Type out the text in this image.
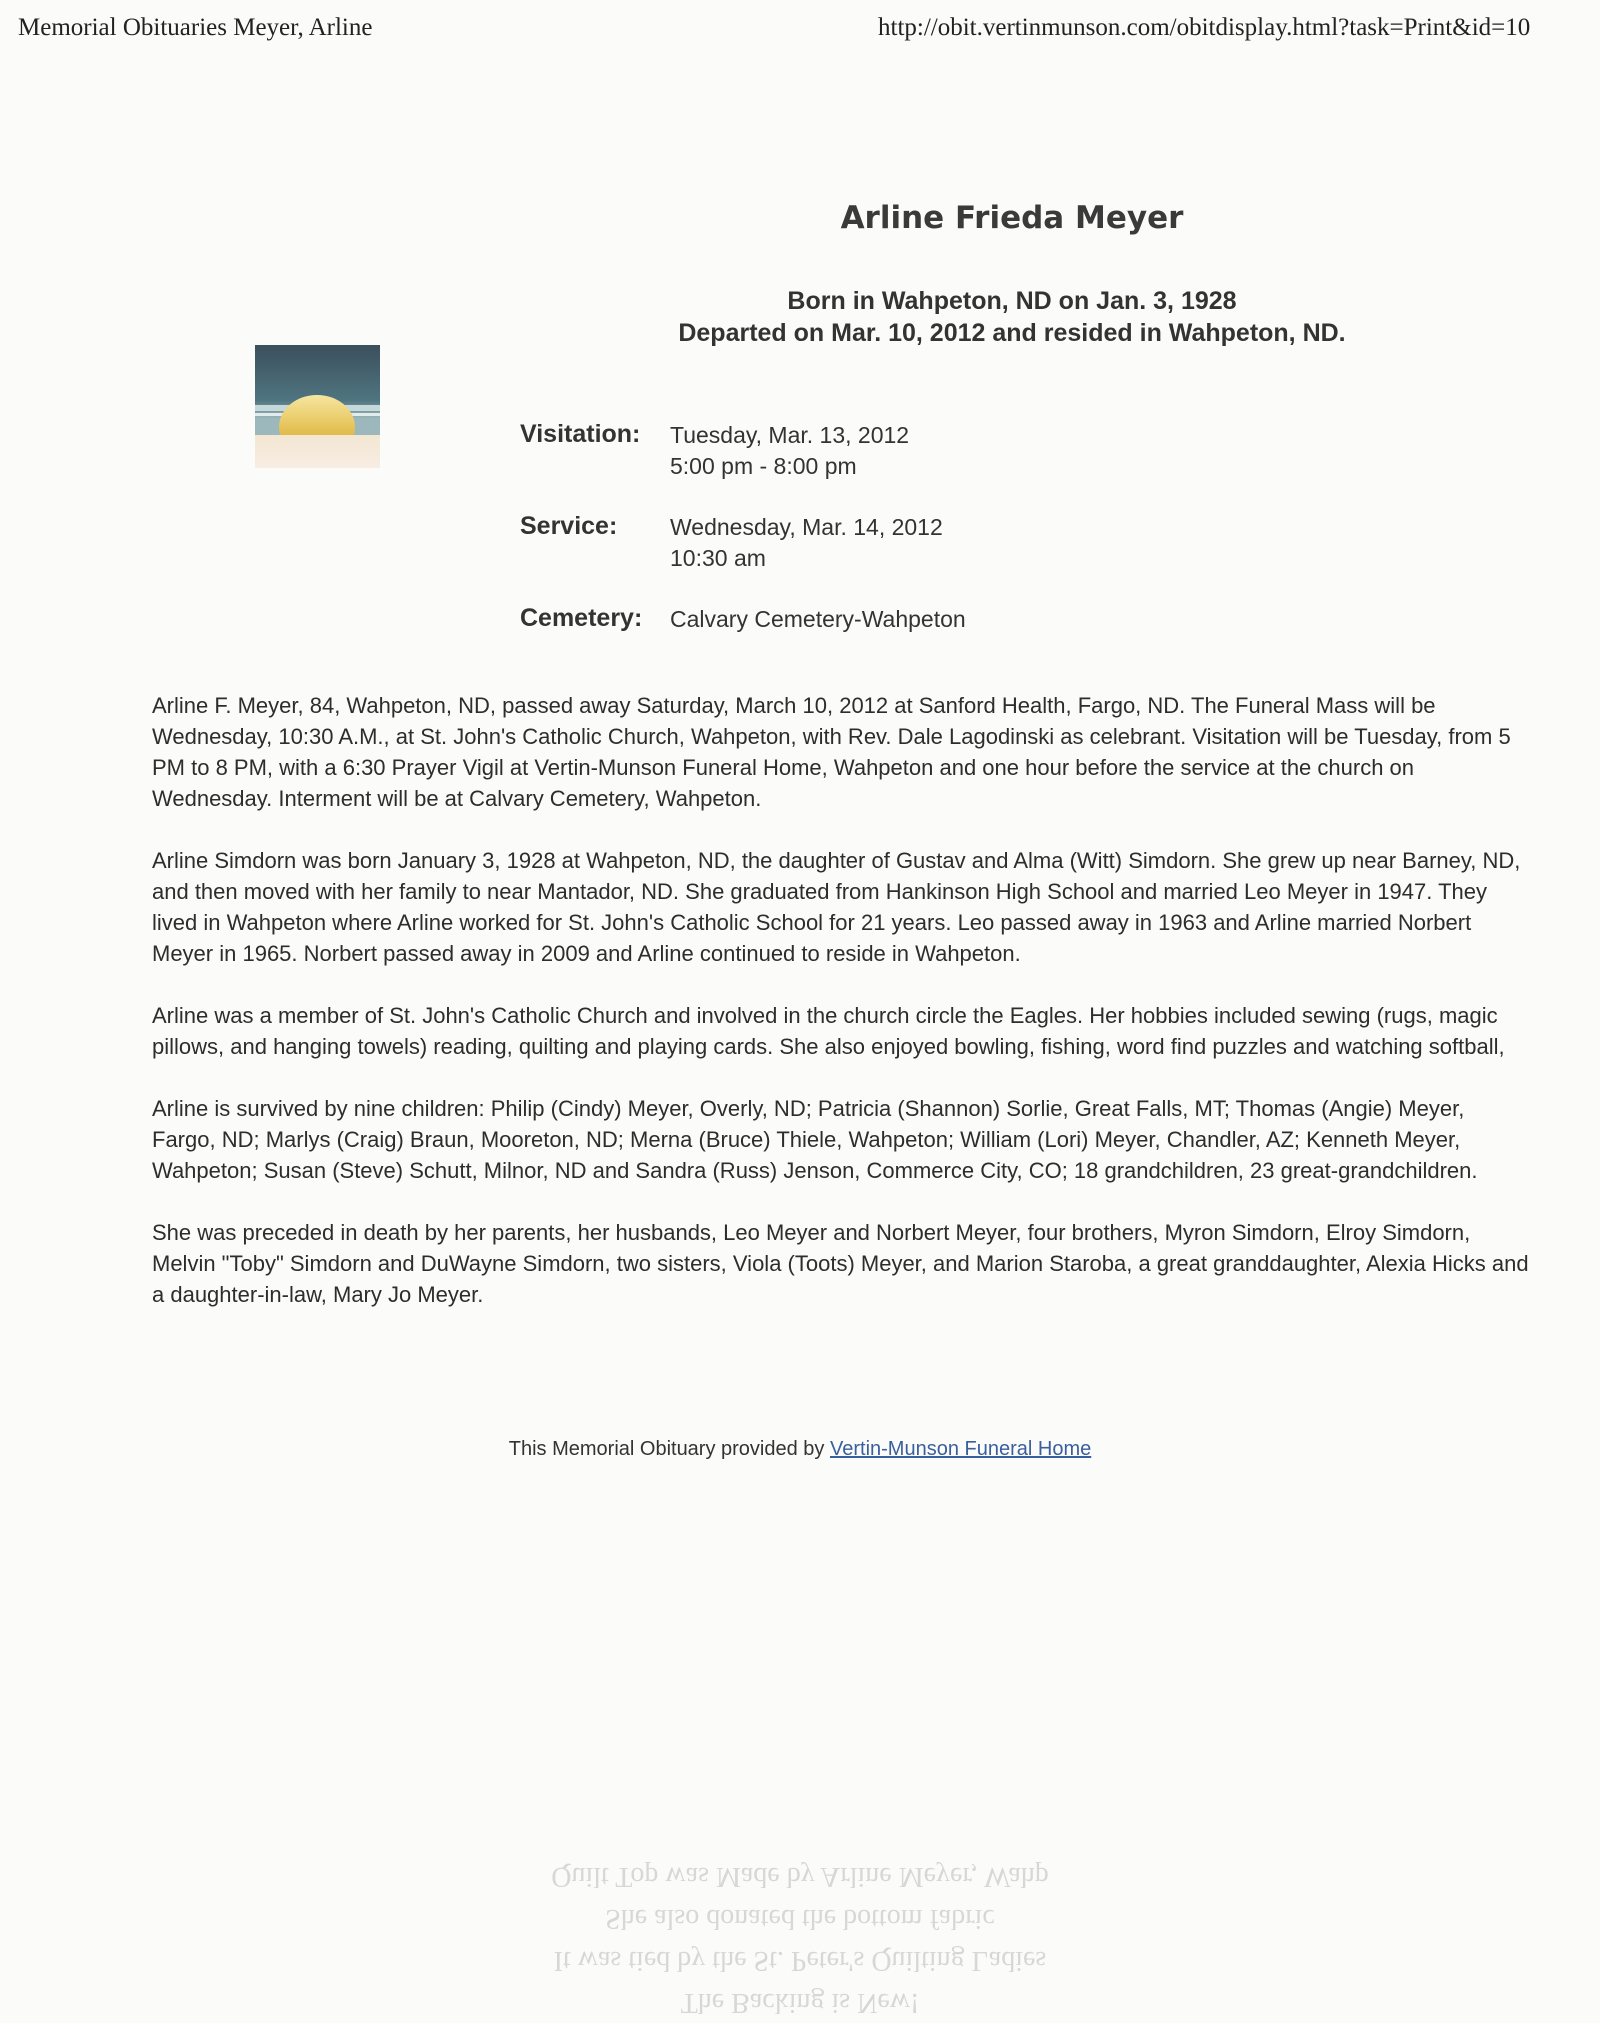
Memorial Obituaries Meyer, Arline	http://obit.vertinmunson.com/obitdisplay.html?task=Print&id=10
Arline Frieda Meyer
Born in Wahpeton, ND on Jan. 3, 1928
Departed on Mar. 10, 2012 and resided in Wahpeton, ND.
Visitation:	Tuesday, Mar. 13, 2012
5:00 pm - 8:00 pm
Service:	Wednesday, Mar. 14, 2012
10:30 am
Cemetery:	Calvary Cemetery-Wahpeton

Arline F. Meyer, 84, Wahpeton, ND, passed away Saturday, March 10, 2012 at Sanford Health, Fargo, ND. The Funeral Mass will be Wednesday, 10:30 A.M., at St. John's Catholic Church, Wahpeton, with Rev. Dale Lagodinski as celebrant. Visitation will be Tuesday, from 5 PM to 8 PM, with a 6:30 Prayer Vigil at Vertin-Munson Funeral Home, Wahpeton and one hour before the service at the church on Wednesday. Interment will be at Calvary Cemetery, Wahpeton.

Arline Simdorn was born January 3, 1928 at Wahpeton, ND, the daughter of Gustav and Alma (Witt) Simdorn. She grew up near Barney, ND, and then moved with her family to near Mantador, ND. She graduated from Hankinson High School and married Leo Meyer in 1947. They lived in Wahpeton where Arline worked for St. John's Catholic School for 21 years. Leo passed away in 1963 and Arline married Norbert Meyer in 1965. Norbert passed away in 2009 and Arline continued to reside in Wahpeton.

Arline was a member of St. John's Catholic Church and involved in the church circle the Eagles. Her hobbies included sewing (rugs, magic pillows, and hanging towels) reading, quilting and playing cards. She also enjoyed bowling, fishing, word find puzzles and watching softball,

Arline is survived by nine children: Philip (Cindy) Meyer, Overly, ND; Patricia (Shannon) Sorlie, Great Falls, MT; Thomas (Angie) Meyer, Fargo, ND; Marlys (Craig) Braun, Mooreton, ND; Merna (Bruce) Thiele, Wahpeton; William (Lori) Meyer, Chandler, AZ; Kenneth Meyer, Wahpeton; Susan (Steve) Schutt, Milnor, ND and Sandra (Russ) Jenson, Commerce City, CO; 18 grandchildren, 23 great-grandchildren.

She was preceded in death by her parents, her husbands, Leo Meyer and Norbert Meyer, four brothers, Myron Simdorn, Elroy Simdorn, Melvin "Toby" Simdorn and DuWayne Simdorn, two sisters, Viola (Toots) Meyer, and Marion Staroba, a great granddaughter, Alexia Hicks and a daughter-in-law, Mary Jo Meyer.

This Memorial Obituary provided by Vertin-Munson Funeral Home
The Backing is New!
It was tied by the St. Peter's Quilting Ladies
She also donated the bottom fabric
Quilt Top was Made by Arline Meyer, Wahp
